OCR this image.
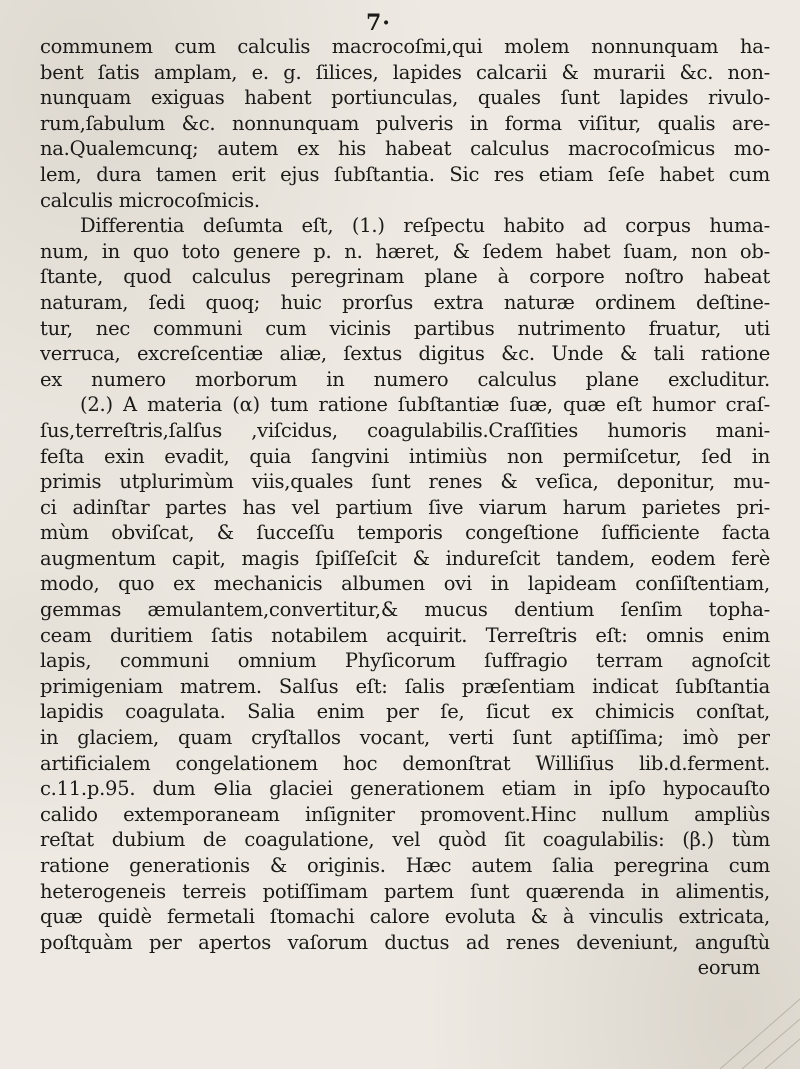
7·
communem cum calculis macrocoſmi,qui molem nonnunquam ha-
bent ſatis amplam, e. g. ſilices, lapides calcarii & murarii &c. non-
nunquam exiguas habent portiunculas, quales ſunt lapides rivulo-
rum,ſabulum &c. nonnunquam pulveris in forma viſitur, qualis are-
na.Qualemcunq; autem ex his habeat calculus macrocoſmicus mo-
lem, dura tamen erit ejus ſubſtantia. Sic res etiam ſeſe habet cum
calculis microcoſmicis.
Differentia deſumta eſt, (1.) reſpectu habito ad corpus huma-
num, in quo toto genere p. n. hæret, & ſedem habet ſuam, non ob-
ſtante, quod calculus peregrinam plane à corpore noſtro habeat
naturam, ſedi quoq; huic prorſus extra naturæ ordinem deſtine-
tur, nec communi cum vicinis partibus nutrimento fruatur, uti
verruca, excreſcentiæ aliæ, ſextus digitus &c. Unde & tali ratione
ex numero morborum in numero calculus plane excluditur.
(2.) A materia (α) tum ratione ſubſtantiæ ſuæ, quæ eſt humor craſ-
ſus,terreſtris,ſalſus ,viſcidus, coagulabilis.Craſſities humoris mani-
feſta exin evadit, quia ſangvini intimiùs non permiſcetur, ſed in
primis utplurimùm viis,quales ſunt renes & veſica, deponitur, mu-
ci adinſtar partes has vel partium ſive viarum harum parietes pri-
mùm obviſcat, & ſucceſſu temporis congeſtione ſufficiente facta
augmentum capit, magis ſpiſſeſcit & indureſcit tandem, eodem ferè
modo, quo ex mechanicis albumen ovi in lapideam conſiſtentiam,
gemmas æmulantem,convertitur,& mucus dentium ſenſim topha-
ceam duritiem ſatis notabilem acquirit. Terreſtris eſt: omnis enim
lapis, communi omnium Phyſicorum ſuffragio terram agnoſcit
primigeniam matrem. Salſus eſt: ſalis præſentiam indicat ſubſtantia
lapidis coagulata. Salia enim per ſe, ſicut ex chimicis conſtat,
in glaciem, quam cryſtallos vocant, verti ſunt aptiſſima; imò per
artificialem congelationem hoc demonſtrat Williſius lib.d.ferment.
c.11.p.95. dum ⊖lia glaciei generationem etiam in ipſo hypocauſto
calido extemporaneam inſigniter promovent.Hinc nullum ampliùs
reſtat dubium de coagulatione, vel quòd ſit coagulabilis: (β.) tùm
ratione generationis & originis. Hæc autem ſalia peregrina cum
heterogeneis terreis potiſſimam partem ſunt quærenda in alimentis,
quæ quidè fermetali ſtomachi calore evoluta & à vinculis extricata,
poſtquàm per apertos vaſorum ductus ad renes deveniunt, anguſtù
eorum
